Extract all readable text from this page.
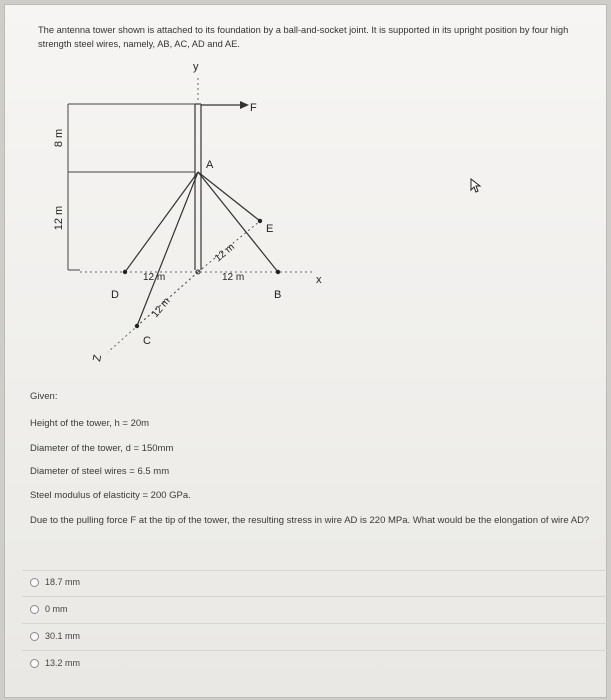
The antenna tower shown is attached to its foundation by a ball-and-socket joint. It is supported in its upright position by four high strength steel wires, namely, AB, AC, AD and AE.

y
F
8 m
12 m
x
Z
A
B
C
D
E
12 m	12 m
12 m
12 m

Given:

Height of the tower, h = 20m

Diameter of the tower, d = 150mm

Diameter of steel wires = 6.5 mm

Steel modulus of elasticity = 200 GPa.

Due to the pulling force F at the tip of the tower, the resulting stress in wire AD is 220 MPa. What would be the elongation of wire AD?

18.7 mm
0 mm
30.1 mm
13.2 mm
